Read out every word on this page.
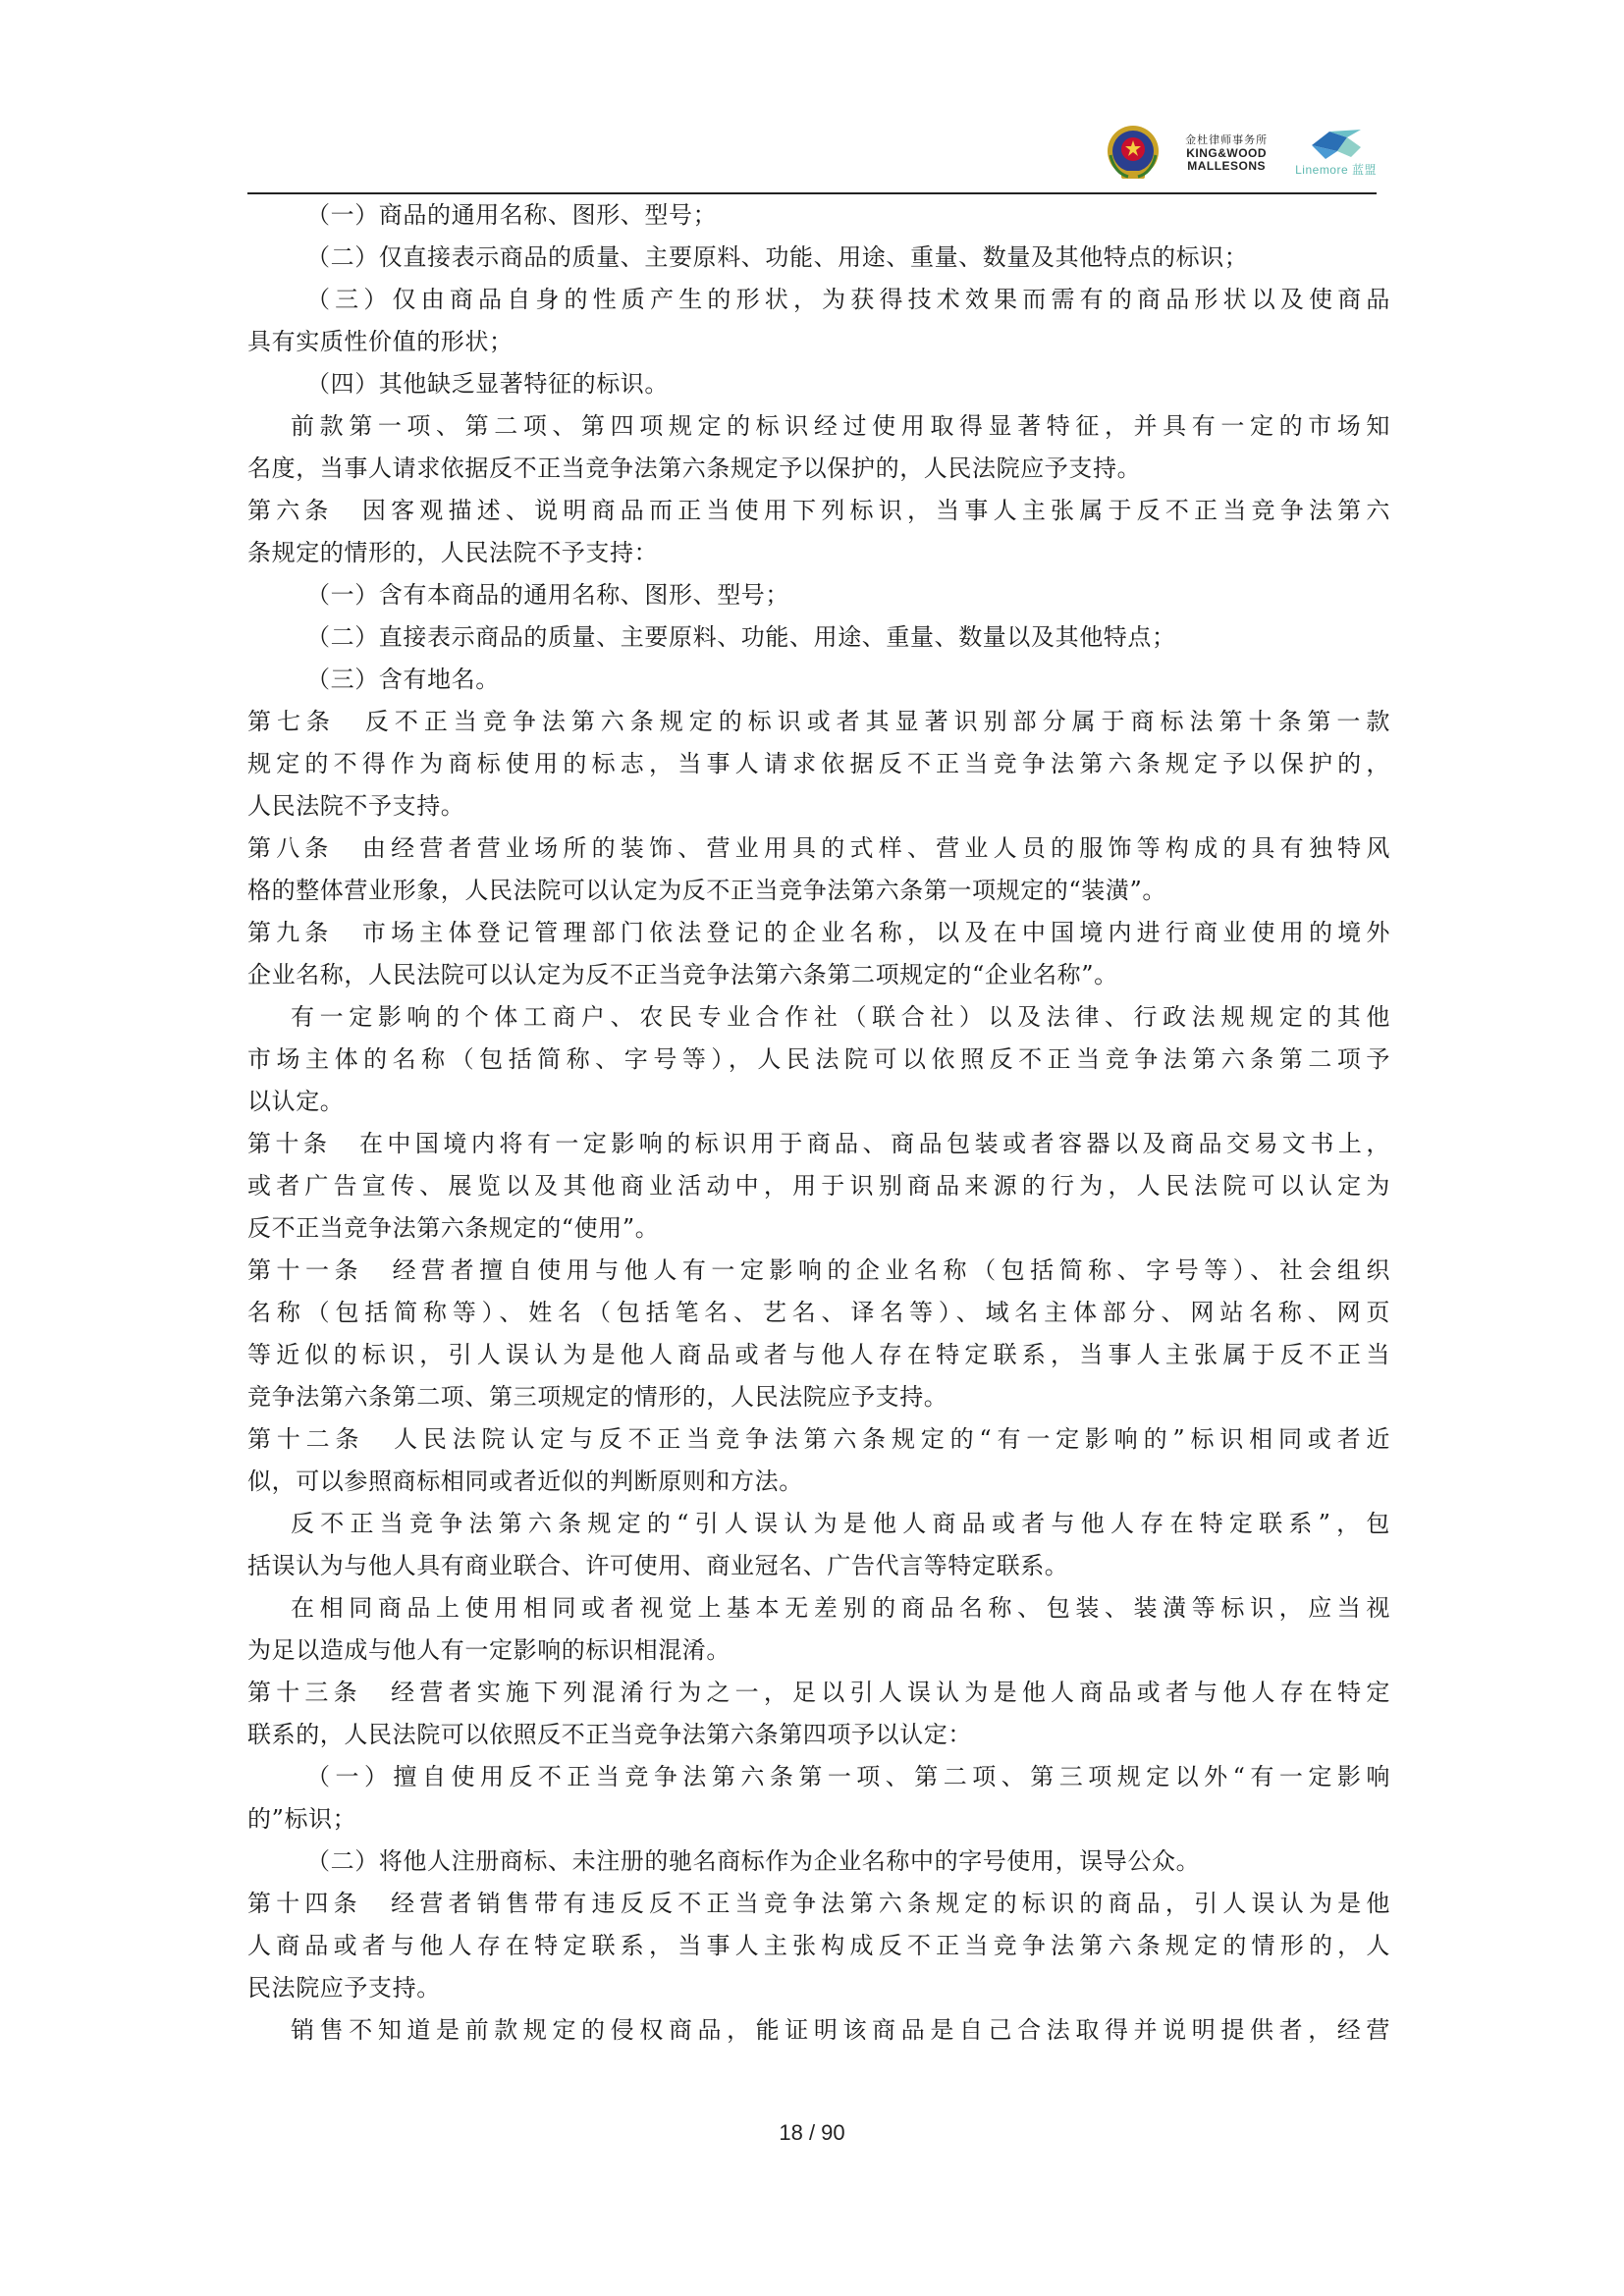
金杜律师事务所
KING&WOOD
MALLESONS	Linemore 蓝盟
（一）商品的通用名称、图形、型号；
（二）仅直接表示商品的质量、主要原料、功能、用途、重量、数量及其他特点的标识；
（三）仅由商品自身的性质产生的形状，为获得技术效果而需有的商品形状以及使商品
具有实质性价值的形状；
（四）其他缺乏显著特征的标识。
前款第一项、第二项、第四项规定的标识经过使用取得显著特征，并具有一定的市场知
名度，当事人请求依据反不正当竞争法第六条规定予以保护的，人民法院应予支持。
第六条　因客观描述、说明商品而正当使用下列标识，当事人主张属于反不正当竞争法第六
条规定的情形的，人民法院不予支持：
（一）含有本商品的通用名称、图形、型号；
（二）直接表示商品的质量、主要原料、功能、用途、重量、数量以及其他特点；
（三）含有地名。
第七条　反不正当竞争法第六条规定的标识或者其显著识别部分属于商标法第十条第一款
规定的不得作为商标使用的标志，当事人请求依据反不正当竞争法第六条规定予以保护的，
人民法院不予支持。
第八条　由经营者营业场所的装饰、营业用具的式样、营业人员的服饰等构成的具有独特风
格的整体营业形象，人民法院可以认定为反不正当竞争法第六条第一项规定的“装潢”。
第九条　市场主体登记管理部门依法登记的企业名称，以及在中国境内进行商业使用的境外
企业名称，人民法院可以认定为反不正当竞争法第六条第二项规定的“企业名称”。
有一定影响的个体工商户、农民专业合作社（联合社）以及法律、行政法规规定的其他
市场主体的名称（包括简称、字号等），人民法院可以依照反不正当竞争法第六条第二项予
以认定。
第十条　在中国境内将有一定影响的标识用于商品、商品包装或者容器以及商品交易文书上，
或者广告宣传、展览以及其他商业活动中，用于识别商品来源的行为，人民法院可以认定为
反不正当竞争法第六条规定的“使用”。
第十一条　经营者擅自使用与他人有一定影响的企业名称（包括简称、字号等）、社会组织
名称（包括简称等）、姓名（包括笔名、艺名、译名等）、域名主体部分、网站名称、网页
等近似的标识，引人误认为是他人商品或者与他人存在特定联系，当事人主张属于反不正当
竞争法第六条第二项、第三项规定的情形的，人民法院应予支持。
第十二条　人民法院认定与反不正当竞争法第六条规定的“有一定影响的”标识相同或者近
似，可以参照商标相同或者近似的判断原则和方法。
反不正当竞争法第六条规定的“引人误认为是他人商品或者与他人存在特定联系”，包
括误认为与他人具有商业联合、许可使用、商业冠名、广告代言等特定联系。
在相同商品上使用相同或者视觉上基本无差别的商品名称、包装、装潢等标识，应当视
为足以造成与他人有一定影响的标识相混淆。
第十三条　经营者实施下列混淆行为之一，足以引人误认为是他人商品或者与他人存在特定
联系的，人民法院可以依照反不正当竞争法第六条第四项予以认定：
（一）擅自使用反不正当竞争法第六条第一项、第二项、第三项规定以外“有一定影响
的”标识；
（二）将他人注册商标、未注册的驰名商标作为企业名称中的字号使用，误导公众。
第十四条　经营者销售带有违反反不正当竞争法第六条规定的标识的商品，引人误认为是他
人商品或者与他人存在特定联系，当事人主张构成反不正当竞争法第六条规定的情形的，人
民法院应予支持。
销售不知道是前款规定的侵权商品，能证明该商品是自己合法取得并说明提供者，经营
18 / 90
